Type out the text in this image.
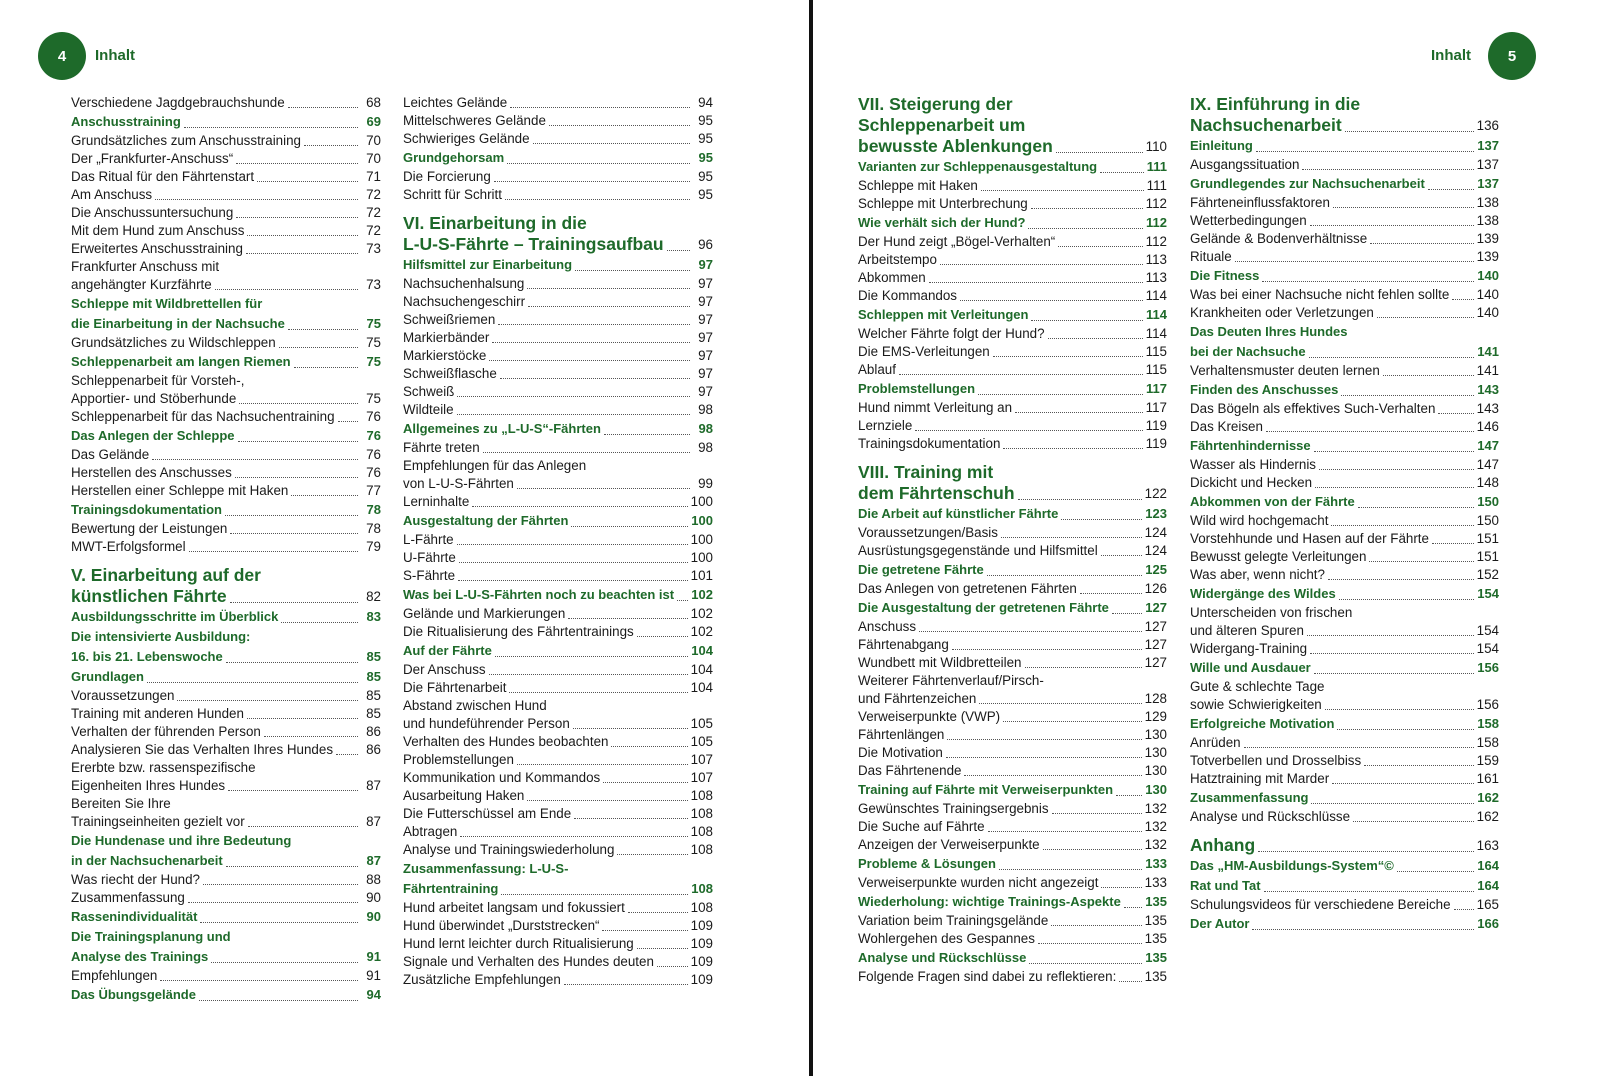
4	Inhalt	Inhalt	5
Verschiedene Jagdgebrauchshunde	68
Anschusstraining	69
Grundsätzliches zum Anschusstraining	70
Der „Frankfurter-Anschuss“	70
Das Ritual für den Fährtenstart	71
Am Anschuss	72
Die Anschussuntersuchung	72
Mit dem Hund zum Anschuss	72
Erweitertes Anschusstraining	73
Frankfurter Anschuss mit
angehängter Kurzfährte	73
Schleppe mit Wildbrettellen für
die Einarbeitung in der Nachsuche	75
Grundsätzliches zu Wildschleppen	75
Schleppenarbeit am langen Riemen	75
Schleppenarbeit für Vorsteh-,
Apportier- und Stöberhunde	75
Schleppenarbeit für das Nachsuchentraining	76
Das Anlegen der Schleppe	76
Das Gelände	76
Herstellen des Anschusses	76
Herstellen einer Schleppe mit Haken	77
Trainingsdokumentation	78
Bewertung der Leistungen	78
MWT-Erfolgsformel	79
V. Einarbeitung auf der
künstlichen Fährte	82
Ausbildungsschritte im Überblick	83
Die intensivierte Ausbildung:
16. bis 21. Lebenswoche	85
Grundlagen	85
Voraussetzungen	85
Training mit anderen Hunden	85
Verhalten der führenden Person	86
Analysieren Sie das Verhalten Ihres Hundes	86
Ererbte bzw. rassenspezifische
Eigenheiten Ihres Hundes	87
Bereiten Sie Ihre
Trainingseinheiten gezielt vor	87
Die Hundenase und ihre Bedeutung
in der Nachsuchenarbeit	87
Was riecht der Hund?	88
Zusammenfassung	90
Rassenindividualität	90
Die Trainingsplanung und
Analyse des Trainings	91
Empfehlungen	91
Das Übungsgelände	94
Leichtes Gelände	94
Mittelschweres Gelände	95
Schwieriges Gelände	95
Grundgehorsam	95
Die Forcierung	95
Schritt für Schritt	95
VI. Einarbeitung in die
L-U-S-Fährte – Trainingsaufbau	96
Hilfsmittel zur Einarbeitung	97
Nachsuchenhalsung	97
Nachsuchengeschirr	97
Schweißriemen	97
Markierbänder	97
Markierstöcke	97
Schweißflasche	97
Schweiß	97
Wildteile	98
Allgemeines zu „L-U-S“-Fährten	98
Fährte treten	98
Empfehlungen für das Anlegen
von L-U-S-Fährten	99
Lerninhalte	100
Ausgestaltung der Fährten	100
L-Fährte	100
U-Fährte	100
S-Fährte	101
Was bei L-U-S-Fährten noch zu beachten ist 102
Gelände und Markierungen	102
Die Ritualisierung des Fährtentrainings	102
Auf der Fährte	104
Der Anschuss	104
Die Fährtenarbeit	104
Abstand zwischen Hund
und hundeführender Person	105
Verhalten des Hundes beobachten	105
Problemstellungen	107
Kommunikation und Kommandos	107
Ausarbeitung Haken	108
Die Futterschüssel am Ende	108
Abtragen	108
Analyse und Trainingswiederholung	108
Zusammenfassung: L-U-S-
Fährtentraining	108
Hund arbeitet langsam und fokussiert	108
Hund überwindet „Durststrecken“	109
Hund lernt leichter durch Ritualisierung	109
Signale und Verhalten des Hundes deuten	109
Zusätzliche Empfehlungen	109
VII. Steigerung der
Schleppenarbeit um
bewusste Ablenkungen	110
Varianten zur Schleppenausgestaltung	111
Schleppe mit Haken	111
Schleppe mit Unterbrechung	112
Wie verhält sich der Hund?	112
Der Hund zeigt „Bögel-Verhalten“	112
Arbeitstempo	113
Abkommen	113
Die Kommandos	114
Schleppen mit Verleitungen	114
Welcher Fährte folgt der Hund?	114
Die EMS-Verleitungen	115
Ablauf	115
Problemstellungen	117
Hund nimmt Verleitung an	117
Lernziele	119
Trainingsdokumentation	119
VIII. Training mit
dem Fährtenschuh	122
Die Arbeit auf künstlicher Fährte	123
Voraussetzungen/Basis	124
Ausrüstungsgegenstände und Hilfsmittel	124
Die getretene Fährte	125
Das Anlegen von getretenen Fährten	126
Die Ausgestaltung der getretenen Fährte	127
Anschuss	127
Fährtenabgang	127
Wundbett mit Wildbretteilen	127
Weiterer Fährtenverlauf/Pirsch-
und Fährtenzeichen	128
Verweiserpunkte (VWP)	129
Fährtenlängen	130
Die Motivation	130
Das Fährtenende	130
Training auf Fährte mit Verweiserpunkten 130
Gewünschtes Trainingsergebnis	132
Die Suche auf Fährte	132
Anzeigen der Verweiserpunkte	132
Probleme & Lösungen	133
Verweiserpunkte wurden nicht angezeigt	133
Wiederholung: wichtige Trainings-Aspekte 135
Variation beim Trainingsgelände	135
Wohlergehen des Gespannes	135
Analyse und Rückschlüsse	135
Folgende Fragen sind dabei zu reflektieren: 135
IX. Einführung in die
Nachsuchenarbeit	136
Einleitung	137
Ausgangssituation	137
Grundlegendes zur Nachsuchenarbeit	137
Fährteneinflussfaktoren	138
Wetterbedingungen	138
Gelände & Bodenverhältnisse	139
Rituale	139
Die Fitness	140
Was bei einer Nachsuche nicht fehlen sollte 140
Krankheiten oder Verletzungen	140
Das Deuten Ihres Hundes
bei der Nachsuche	141
Verhaltensmuster deuten lernen	141
Finden des Anschusses	143
Das Bögeln als effektives Such-Verhalten	143
Das Kreisen	146
Fährtenhindernisse	147
Wasser als Hindernis	147
Dickicht und Hecken	148
Abkommen von der Fährte	150
Wild wird hochgemacht	150
Vorstehhunde und Hasen auf der Fährte	151
Bewusst gelegte Verleitungen	151
Was aber, wenn nicht?	152
Widergänge des Wildes	154
Unterscheiden von frischen
und älteren Spuren	154
Widergang-Training	154
Wille und Ausdauer	156
Gute & schlechte Tage
sowie Schwierigkeiten	156
Erfolgreiche Motivation	158
Anrüden	158
Totverbellen und Drosselbiss	159
Hatztraining mit Marder	161
Zusammenfassung	162
Analyse und Rückschlüsse	162
Anhang	163
Das „HM-Ausbildungs-System“©	164
Rat und Tat	164
Schulungsvideos für verschiedene Bereiche 165
Der Autor	166
